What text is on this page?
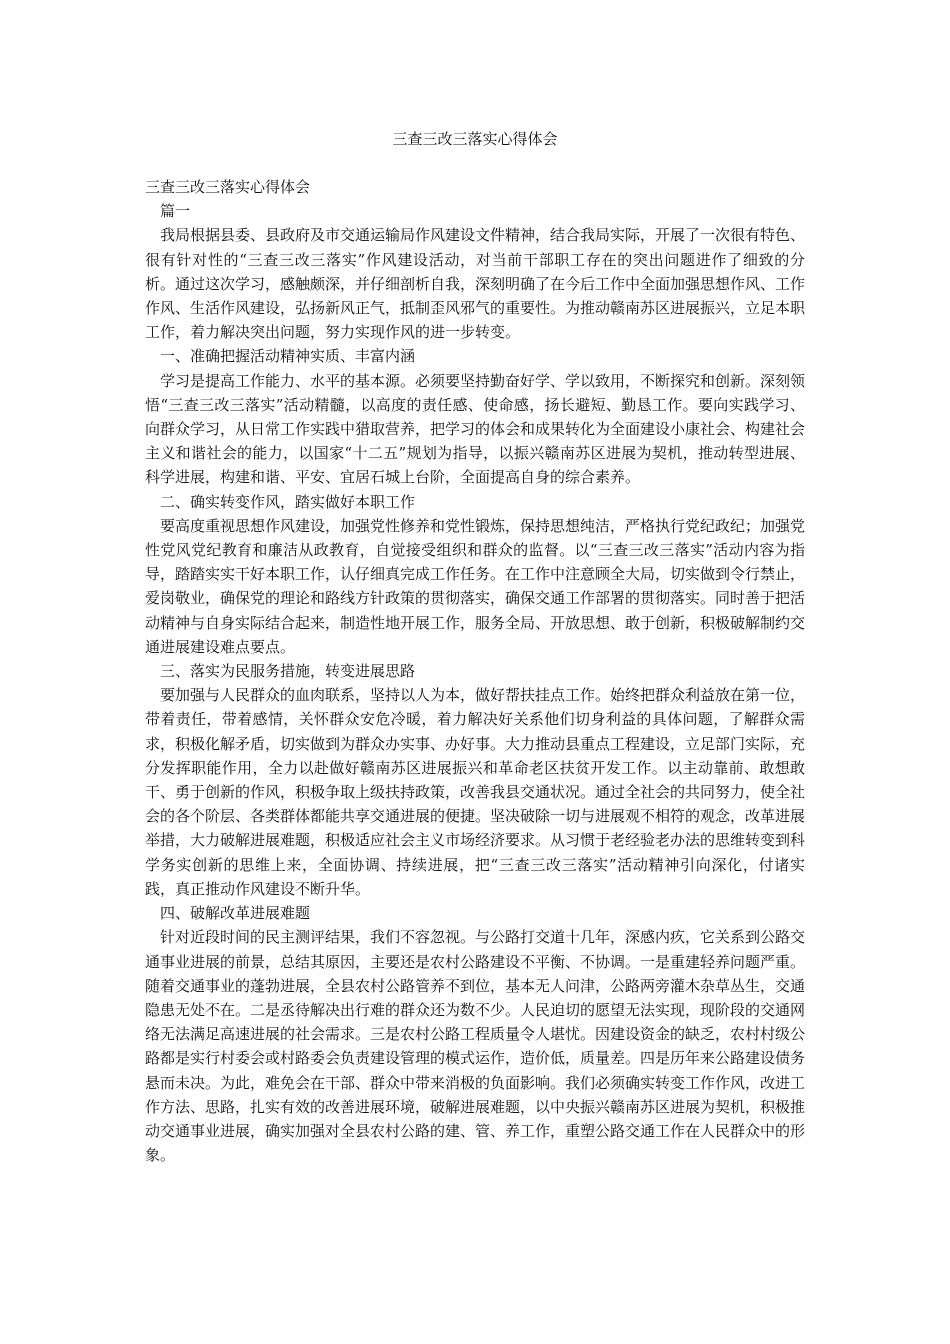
三查三改三落实心得体会

三查三改三落实心得体会

篇一

我局根据县委、县政府及市交通运输局作风建设文件精神，结合我局实际，开展了一次很有特色、很有针对性的“三查三改三落实”作风建设活动，对当前干部职工存在的突出问题进作了细致的分析。通过这次学习，感触颇深，并仔细剖析自我，深刻明确了在今后工作中全面加强思想作风、工作作风、生活作风建设，弘扬新风正气，抵制歪风邪气的重要性。为推动赣南苏区进展振兴，立足本职工作，着力解决突出问题，努力实现作风的进一步转变。

一、准确把握活动精神实质、丰富内涵

学习是提高工作能力、水平的基本源。必须要坚持勤奋好学、学以致用，不断探究和创新。深刻领悟“三查三改三落实”活动精髓，以高度的责任感、使命感，扬长避短、勤恳工作。要向实践学习、向群众学习，从日常工作实践中猎取营养，把学习的体会和成果转化为全面建设小康社会、构建社会主义和谐社会的能力，以国家“十二五”规划为指导，以振兴赣南苏区进展为契机，推动转型进展、科学进展，构建和谐、平安、宜居石城上台阶，全面提高自身的综合素养。

二、确实转变作风，踏实做好本职工作

要高度重视思想作风建设，加强党性修养和党性锻炼，保持思想纯洁，严格执行党纪政纪；加强党性党风党纪教育和廉洁从政教育，自觉接受组织和群众的监督。以“三查三改三落实”活动内容为指导，踏踏实实干好本职工作，认仔细真完成工作任务。在工作中注意顾全大局，切实做到令行禁止，爱岗敬业，确保党的理论和路线方针政策的贯彻落实，确保交通工作部署的贯彻落实。同时善于把活动精神与自身实际结合起来，制造性地开展工作，服务全局、开放思想、敢于创新，积极破解制约交通进展建设难点要点。

三、落实为民服务措施，转变进展思路

要加强与人民群众的血肉联系，坚持以人为本，做好帮扶挂点工作。始终把群众利益放在第一位，带着责任，带着感情，关怀群众安危冷暖，着力解决好关系他们切身利益的具体问题，了解群众需求，积极化解矛盾，切实做到为群众办实事、办好事。大力推动县重点工程建设，立足部门实际，充分发挥职能作用，全力以赴做好赣南苏区进展振兴和革命老区扶贫开发工作。以主动靠前、敢想敢干、勇于创新的作风，积极争取上级扶持政策，改善我县交通状况。通过全社会的共同努力，使全社会的各个阶层、各类群体都能共享交通进展的便捷。坚决破除一切与进展观不相符的观念，改革进展举措，大力破解进展难题，积极适应社会主义市场经济要求。从习惯于老经验老办法的思维转变到科学务实创新的思维上来，全面协调、持续进展，把“三查三改三落实”活动精神引向深化，付诸实践，真正推动作风建设不断升华。

四、破解改革进展难题

针对近段时间的民主测评结果，我们不容忽视。与公路打交道十几年，深感内疚，它关系到公路交通事业进展的前景，总结其原因，主要还是农村公路建设不平衡、不协调。一是重建轻养问题严重。随着交通事业的蓬勃进展，全县农村公路管养不到位，基本无人问津，公路两旁灌木杂草丛生，交通隐患无处不在。二是丞待解决出行难的群众还为数不少。人民迫切的愿望无法实现，现阶段的交通网络无法满足高速进展的社会需求。三是农村公路工程质量令人堪忧。因建设资金的缺乏，农村村级公路都是实行村委会或村路委会负责建设管理的模式运作，造价低，质量差。四是历年来公路建设债务悬而未决。为此，难免会在干部、群众中带来消极的负面影响。我们必须确实转变工作作风，改进工作方法、思路，扎实有效的改善进展环境，破解进展难题，以中央振兴赣南苏区进展为契机，积极推动交通事业进展，确实加强对全县农村公路的建、管、养工作，重塑公路交通工作在人民群众中的形象。
